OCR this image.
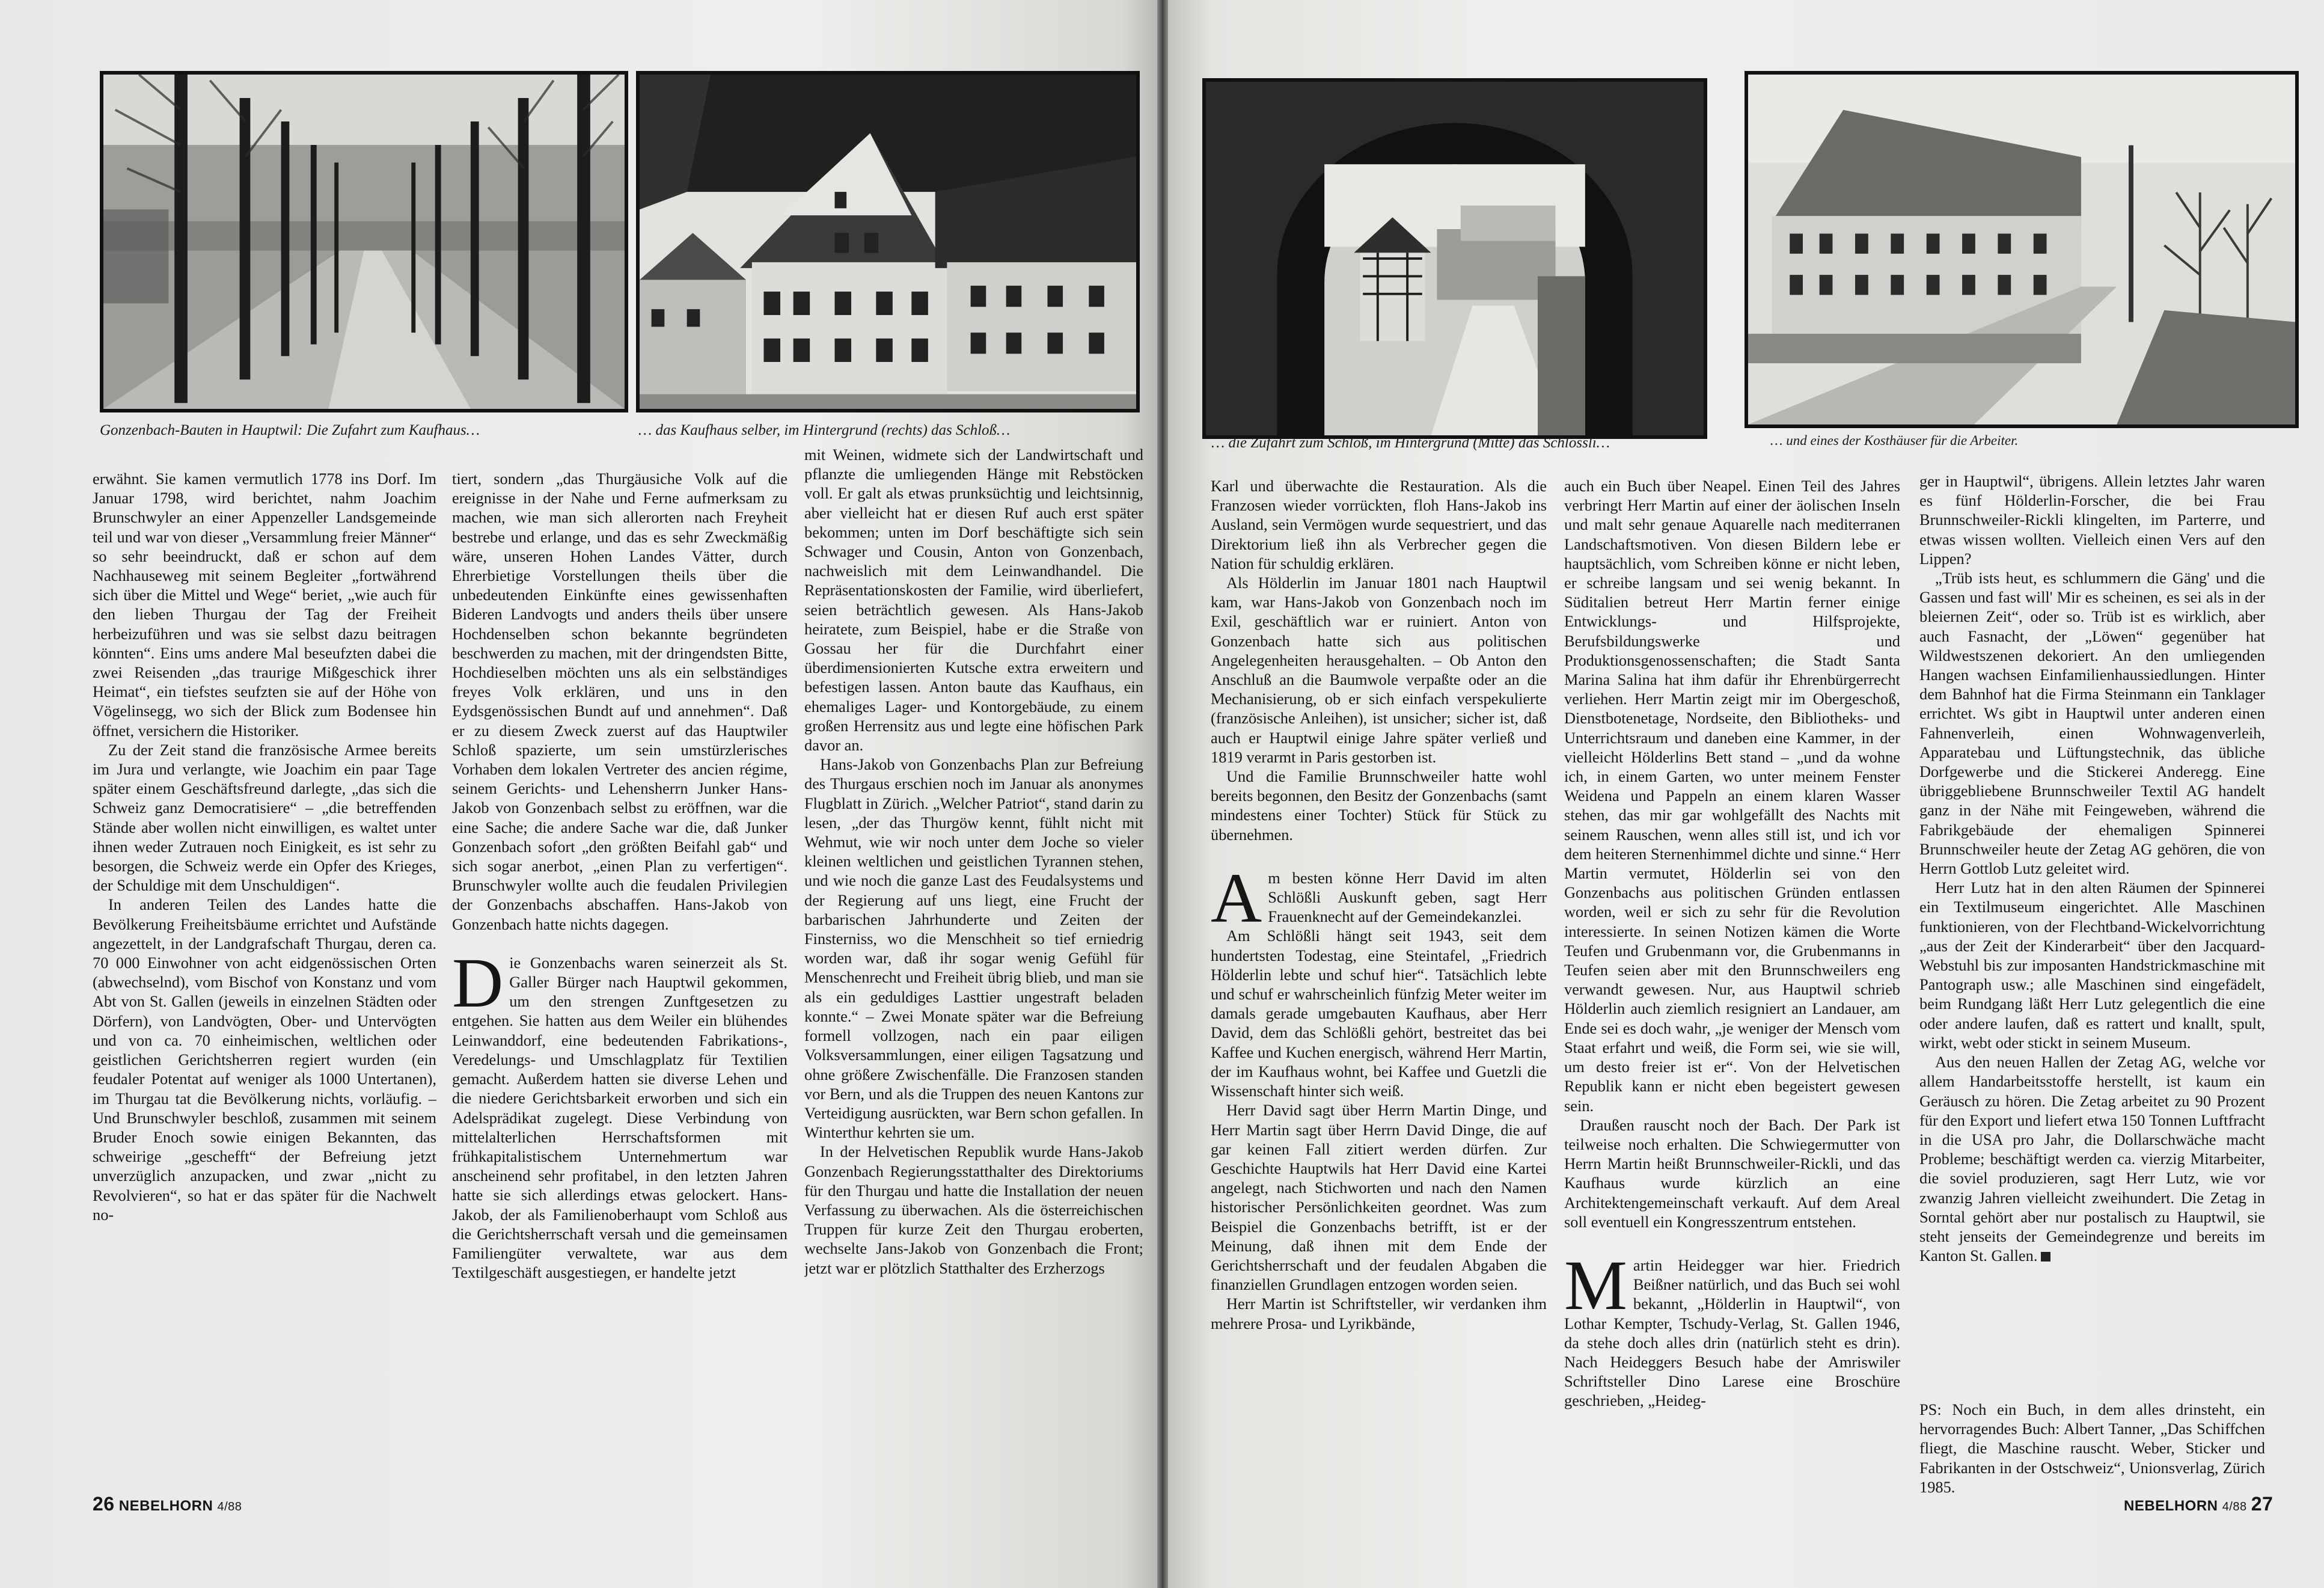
Gonzenbach-Bauten in Hauptwil: Die Zufahrt zum Kaufhaus…	… das Kaufhaus selber, im Hintergrund (rechts) das Schloß…

erwähnt. Sie kamen vermutlich 1778 ins Dorf. Im Januar 1798, wird berichtet, nahm Joachim Brunschwyler an einer Appenzeller Landsgemeinde teil und war von dieser „Versammlung freier Männer“ so sehr beeindruckt, daß er schon auf dem Nachhauseweg mit seinem Begleiter „fortwährend sich über die Mittel und Wege“ beriet, „wie auch für den lieben Thurgau der Tag der Freiheit herbeizuführen und was sie selbst dazu beitragen könnten“. Eins ums andere Mal beseufzten dabei die zwei Reisenden „das traurige Mißgeschick ihrer Heimat“, ein tiefstes seufzten sie auf der Höhe von Vögelinsegg, wo sich der Blick zum Bodensee hin öffnet, versichern die Historiker.

Zu der Zeit stand die französische Armee bereits im Jura und verlangte, wie Joachim ein paar Tage später einem Geschäftsfreund darlegte, „das sich die Schweiz ganz Democratisiere“ – „die betreffenden Stände aber wollen nicht einwilligen, es waltet unter ihnen weder Zutrauen noch Einigkeit, es ist sehr zu besorgen, die Schweiz werde ein Opfer des Krieges, der Schuldige mit dem Unschuldigen“.

In anderen Teilen des Landes hatte die Bevölkerung Freiheitsbäume errichtet und Aufstände angezettelt, in der Landgrafschaft Thurgau, deren ca. 70 000 Einwohner von acht eidgenössischen Orten (abwechselnd), vom Bischof von Konstanz und vom Abt von St. Gallen (jeweils in einzelnen Städten oder Dörfern), von Landvögten, Ober- und Untervögten und von ca. 70 einheimischen, weltlichen oder geistlichen Gerichtsherren regiert wurden (ein feudaler Potentat auf weniger als 1000 Untertanen), im Thurgau tat die Bevölkerung nichts, vorläufig. – Und Brunschwyler beschloß, zusammen mit seinem Bruder Enoch sowie einigen Bekannten, das schweirige „geschefft“ der Befreiung jetzt unverzüglich anzupacken, und zwar „nicht zu Revolvieren“, so hat er das später für die Nachwelt no-

tiert, sondern „das Thurgäusiche Volk auf die ereignisse in der Nahe und Ferne aufmerksam zu machen, wie man sich allerorten nach Freyheit bestrebe und erlange, und das es sehr Zweckmäßig wäre, unseren Hohen Landes Vätter, durch Ehrerbietige Vorstellungen theils über die unbedeutenden Einkünfte eines gewissenhaften Bideren Landvogts und anders theils über unsere Hochdenselben schon bekannte begründeten beschwerden zu machen, mit der dringendsten Bitte, Hochdieselben möchten uns als ein selbständiges freyes Volk erklären, und uns in den Eydsgenössischen Bundt auf und annehmen“. Daß er zu diesem Zweck zuerst auf das Hauptwiler Schloß spazierte, um sein umstürzlerisches Vorhaben dem lokalen Vertreter des ancien régime, seinem Gerichts- und Lehensherrn Junker Hans-Jakob von Gonzenbach selbst zu eröffnen, war die eine Sache; die andere Sache war die, daß Junker Gonzenbach sofort „den größten Beifahl gab“ und sich sogar anerbot, „einen Plan zu verfertigen“. Brunschwyler wollte auch die feudalen Privilegien der Gonzenbachs abschaffen. Hans-Jakob von Gonzenbach hatte nichts dagegen.

Die Gonzenbachs waren seinerzeit als St. Galler Bürger nach Hauptwil gekommen, um den strengen Zunftgesetzen zu entgehen. Sie hatten aus dem Weiler ein blühendes Leinwanddorf, eine bedeutenden Fabrikations-, Veredelungs- und Umschlagplatz für Textilien gemacht. Außerdem hatten sie diverse Lehen und die niedere Gerichtsbarkeit erworben und sich ein Adelsprädikat zugelegt. Diese Verbindung von mittelalterlichen Herrschaftsformen mit frühkapitalistischem Unternehmertum war anscheinend sehr profitabel, in den letzten Jahren hatte sie sich allerdings etwas gelockert. Hans-Jakob, der als Familienoberhaupt vom Schloß aus die Gerichtsherrschaft versah und die gemeinsamen Familiengüter verwaltete, war aus dem Textilgeschäft ausgestiegen, er handelte jetzt

mit Weinen, widmete sich der Landwirtschaft und pflanzte die umliegenden Hänge mit Rebstöcken voll. Er galt als etwas prunksüchtig und leichtsinnig, aber vielleicht hat er diesen Ruf auch erst später bekommen; unten im Dorf beschäftigte sich sein Schwager und Cousin, Anton von Gonzenbach, nachweislich mit dem Leinwandhandel. Die Repräsentationskosten der Familie, wird überliefert, seien beträchtlich gewesen. Als Hans-Jakob heiratete, zum Beispiel, habe er die Straße von Gossau her für die Durchfahrt einer überdimensionierten Kutsche extra erweitern und befestigen lassen. Anton baute das Kaufhaus, ein ehemaliges Lager- und Kontorgebäude, zu einem großen Herrensitz aus und legte eine höfischen Park davor an.

Hans-Jakob von Gonzenbachs Plan zur Befreiung des Thurgaus erschien noch im Januar als anonymes Flugblatt in Zürich. „Welcher Patriot“, stand darin zu lesen, „der das Thurgöw kennt, fühlt nicht mit Wehmut, wie wir noch unter dem Joche so vieler kleinen weltlichen und geistlichen Tyrannen stehen, und wie noch die ganze Last des Feudalsystems und der Regierung auf uns liegt, eine Frucht der barbarischen Jahrhunderte und Zeiten der Finsterniss, wo die Menschheit so tief erniedrig worden war, daß ihr sogar wenig Gefühl für Menschenrecht und Freiheit übrig blieb, und man sie als ein geduldiges Lasttier ungestraft beladen konnte.“ – Zwei Monate später war die Befreiung formell vollzogen, nach ein paar eiligen Volksversammlungen, einer eiligen Tagsatzung und ohne größere Zwischenfälle. Die Franzosen standen vor Bern, und als die Truppen des neuen Kantons zur Verteidigung ausrückten, war Bern schon gefallen. In Winterthur kehrten sie um.

In der Helvetischen Republik wurde Hans-Jakob Gonzenbach Regierungsstatthalter des Direktoriums für den Thurgau und hatte die Installation der neuen Verfassung zu überwachen. Als die österreichischen Truppen für kurze Zeit den Thurgau eroberten, wechselte Jans-Jakob von Gonzenbach die Front; jetzt war er plötzlich Statthalter des Erzherzogs

26 NEBELHORN 4/88
… die Zufahrt zum Schloß, im Hintergrund (Mitte) das Schlössli…	… und eines der Kosthäuser für die Arbeiter.

Karl und überwachte die Restauration. Als die Franzosen wieder vorrückten, floh Hans-Jakob ins Ausland, sein Vermögen wurde sequestriert, und das Direktorium ließ ihn als Verbrecher gegen die Nation für schuldig erklären.

Als Hölderlin im Januar 1801 nach Hauptwil kam, war Hans-Jakob von Gonzenbach noch im Exil, geschäftlich war er ruiniert. Anton von Gonzenbach hatte sich aus politischen Angelegenheiten herausgehalten. – Ob Anton den Anschluß an die Baumwole verpaßte oder an die Mechanisierung, ob er sich einfach verspekulierte (französische Anleihen), ist unsicher; sicher ist, daß auch er Hauptwil einige Jahre später verließ und 1819 verarmt in Paris gestorben ist.

Und die Familie Brunnschweiler hatte wohl bereits begonnen, den Besitz der Gonzenbachs (samt mindestens einer Tochter) Stück für Stück zu übernehmen.

Am besten könne Herr David im alten Schlößli Auskunft geben, sagt Herr Frauenknecht auf der Gemeindekanzlei.

Am Schlößli hängt seit 1943, seit dem hundertsten Todestag, eine Steintafel, „Friedrich Hölderlin lebte und schuf hier“. Tatsächlich lebte und schuf er wahrscheinlich fünfzig Meter weiter im damals gerade umgebauten Kaufhaus, aber Herr David, dem das Schlößli gehört, bestreitet das bei Kaffee und Kuchen energisch, während Herr Martin, der im Kaufhaus wohnt, bei Kaffee und Guetzli die Wissenschaft hinter sich weiß.

Herr David sagt über Herrn Martin Dinge, und Herr Martin sagt über Herrn David Dinge, die auf gar keinen Fall zitiert werden dürfen. Zur Geschichte Hauptwils hat Herr David eine Kartei angelegt, nach Stichworten und nach den Namen historischer Persönlichkeiten geordnet. Was zum Beispiel die Gonzenbachs betrifft, ist er der Meinung, daß ihnen mit dem Ende der Gerichtsherrschaft und der feudalen Abgaben die finanziellen Grundlagen entzogen worden seien.

Herr Martin ist Schriftsteller, wir verdanken ihm mehrere Prosa- und Lyrikbände,

auch ein Buch über Neapel. Einen Teil des Jahres verbringt Herr Martin auf einer der äolischen Inseln und malt sehr genaue Aquarelle nach mediterranen Landschaftsmotiven. Von diesen Bildern lebe er hauptsächlich, vom Schreiben könne er nicht leben, er schreibe langsam und sei wenig bekannt. In Süditalien betreut Herr Martin ferner einige Entwicklungs- und Hilfsprojekte, Berufsbildungswerke und Produktionsgenossenschaften; die Stadt Santa Marina Salina hat ihm dafür ihr Ehrenbürgerrecht verliehen. Herr Martin zeigt mir im Obergeschoß, Dienstbotenetage, Nordseite, den Bibliotheks- und Unterrichtsraum und daneben eine Kammer, in der vielleicht Hölderlins Bett stand – „und da wohne ich, in einem Garten, wo unter meinem Fenster Weidena und Pappeln an einem klaren Wasser stehen, das mir gar wohlgefällt des Nachts mit seinem Rauschen, wenn alles still ist, und ich vor dem heiteren Sternenhimmel dichte und sinne.“ Herr Martin vermutet, Hölderlin sei von den Gonzenbachs aus politischen Gründen entlassen worden, weil er sich zu sehr für die Revolution interessierte. In seinen Notizen kämen die Worte Teufen und Grubenmann vor, die Grubenmanns in Teufen seien aber mit den Brunnschweilers eng verwandt gewesen. Nur, aus Hauptwil schrieb Hölderlin auch ziemlich resigniert an Landauer, am Ende sei es doch wahr, „je weniger der Mensch vom Staat erfahrt und weiß, die Form sei, wie sie will, um desto freier ist er“. Von der Helvetischen Republik kann er nicht eben begeistert gewesen sein.

Draußen rauscht noch der Bach. Der Park ist teilweise noch erhalten. Die Schwiegermutter von Herrn Martin heißt Brunnschweiler-Rickli, und das Kaufhaus wurde kürzlich an eine Architektengemeinschaft verkauft. Auf dem Areal soll eventuell ein Kongresszentrum entstehen.

Martin Heidegger war hier. Friedrich Beißner natürlich, und das Buch sei wohl bekannt, „Hölderlin in Hauptwil“, von Lothar Kempter, Tschudy-Verlag, St. Gallen 1946, da stehe doch alles drin (natürlich steht es drin). Nach Heideggers Besuch habe der Amriswiler Schriftsteller Dino Larese eine Broschüre geschrieben, „Heideg-

ger in Hauptwil“, übrigens. Allein letztes Jahr waren es fünf Hölderlin-Forscher, die bei Frau Brunnschweiler-Rickli klingelten, im Parterre, und etwas wissen wollten. Vielleich einen Vers auf den Lippen?

„Trüb ists heut, es schlummern die Gäng' und die Gassen und fast will' Mir es scheinen, es sei als in der bleiernen Zeit“, oder so. Trüb ist es wirklich, aber auch Fasnacht, der „Löwen“ gegenüber hat Wildwestszenen dekoriert. An den umliegenden Hangen wachsen Einfamilienhaussiedlungen. Hinter dem Bahnhof hat die Firma Steinmann ein Tanklager errichtet. Ws gibt in Hauptwil unter anderen einen Fahnenverleih, einen Wohnwagenverleih, Apparatebau und Lüftungstechnik, das übliche Dorfgewerbe und die Stickerei Anderegg. Eine übriggebliebene Brunnschweiler Textil AG handelt ganz in der Nähe mit Feingeweben, während die Fabrikgebäude der ehemaligen Spinnerei Brunnschweiler heute der Zetag AG gehören, die von Herrn Gottlob Lutz geleitet wird.

Herr Lutz hat in den alten Räumen der Spinnerei ein Textilmuseum eingerichtet. Alle Maschinen funktionieren, von der Flechtband-Wickelvorrichtung „aus der Zeit der Kinderarbeit“ über den Jacquard-Webstuhl bis zur imposanten Handstrickmaschine mit Pantograph usw.; alle Maschinen sind eingefädelt, beim Rundgang läßt Herr Lutz gelegentlich die eine oder andere laufen, daß es rattert und knallt, spult, wirkt, webt oder stickt in seinem Museum.

Aus den neuen Hallen der Zetag AG, welche vor allem Handarbeitsstoffe herstellt, ist kaum ein Geräusch zu hören. Die Zetag arbeitet zu 90 Prozent für den Export und liefert etwa 150 Tonnen Luftfracht in die USA pro Jahr, die Dollarschwäche macht Probleme; beschäftigt werden ca. vierzig Mitarbeiter, die soviel produzieren, sagt Herr Lutz, wie vor zwanzig Jahren vielleicht zweihundert. Die Zetag in Sorntal gehört aber nur postalisch zu Hauptwil, sie steht jenseits der Gemeindegrenze und bereits im Kanton St. Gallen.

PS: Noch ein Buch, in dem alles drinsteht, ein hervorragendes Buch: Albert Tanner, „Das Schiffchen fliegt, die Maschine rauscht. Weber, Sticker und Fabrikanten in der Ostschweiz“, Unionsverlag, Zürich 1985.
NEBELHORN 4/88 27
